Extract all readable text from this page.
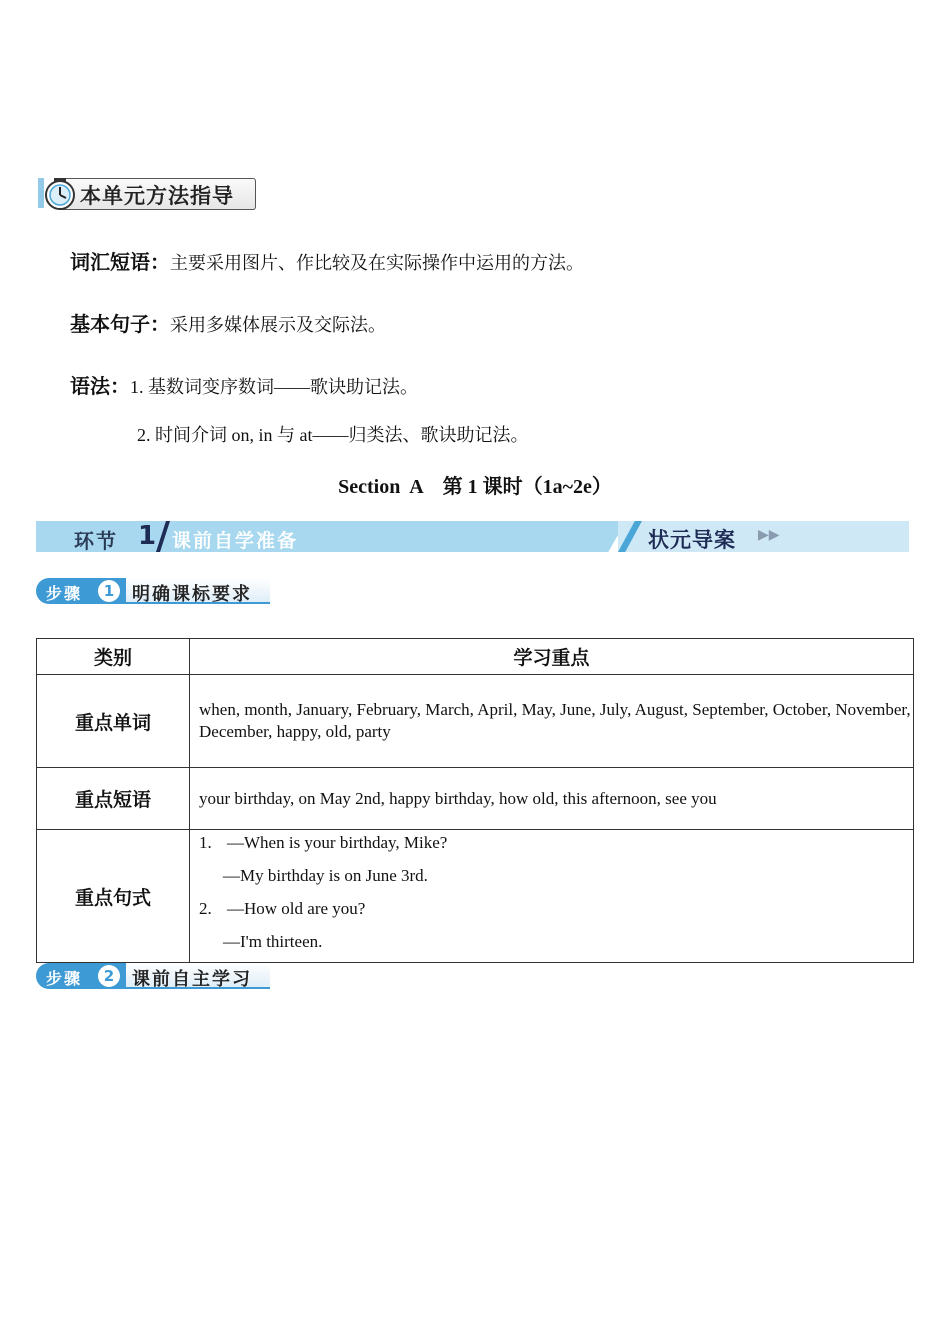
本单元方法指导
词汇短语：主要采用图片、作比较及在实际操作中运用的方法。
基本句子：采用多媒体展示及交际法。
语法：1. 基数词变序数词——歌诀助记法。
2. 时间介词 on, in 与 at——归类法、歌诀助记法。
Section  A    第 1 课时（1a~2e）
环节 1 课前自学准备	状元导案 ▶▶
步骤	1 明确课标要求
类别	学习重点
重点单词	when, month, January, February, March, April, May, June, July, August, September, October, November, December, happy, old, party
重点短语	your birthday, on May 2nd, happy birthday, how old, this afternoon, see you
重点句式	1. —When is your birthday, Mike?
—My birthday is on June 3rd.
2. —How old are you?
—I'm thirteen.
步骤	2 课前自主学习
